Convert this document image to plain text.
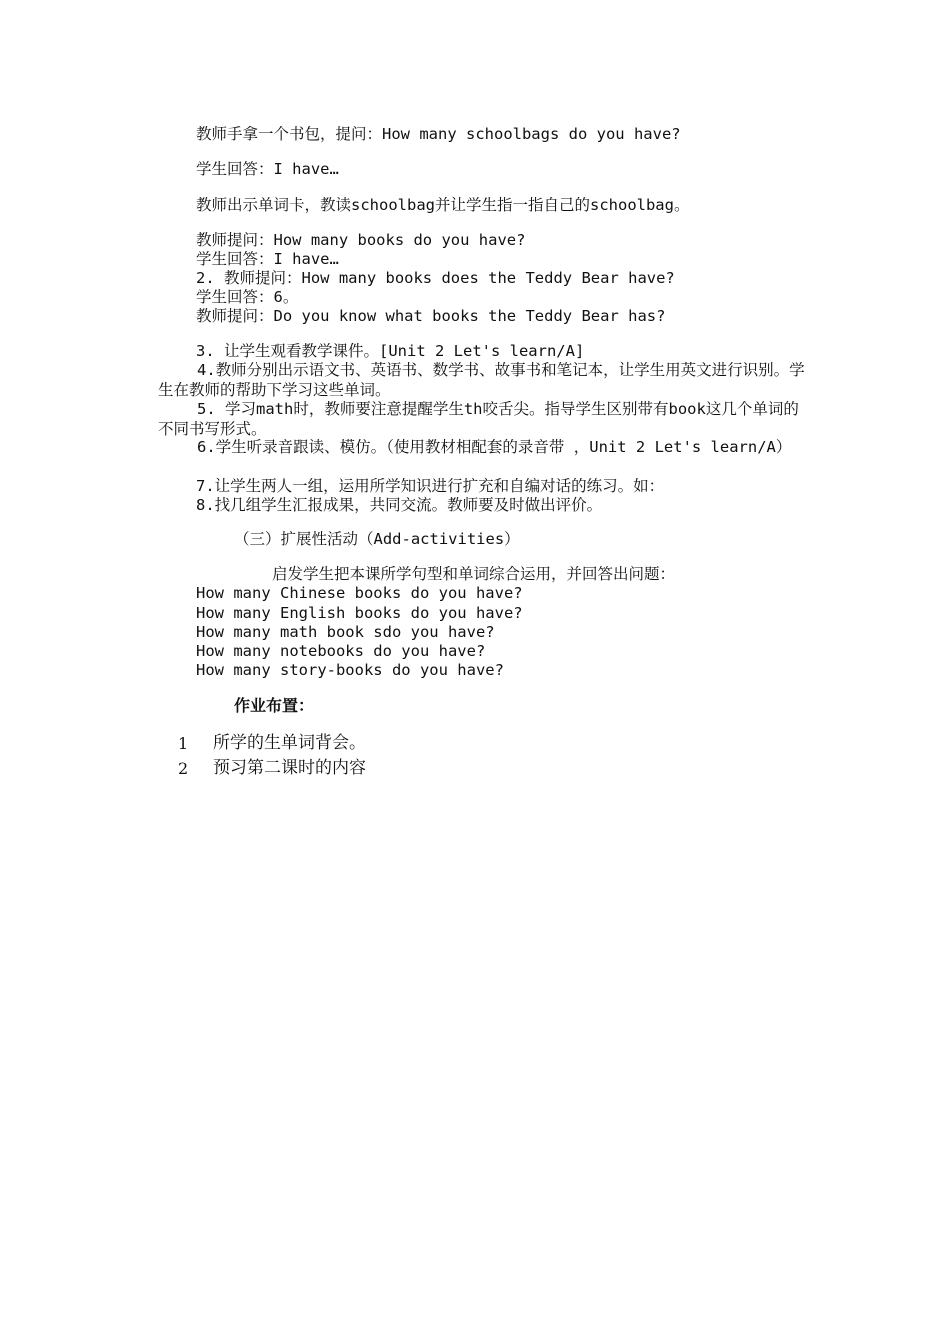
教师手拿一个书包，提问：How many schoolbags do you have?
学生回答：I have…
教师出示单词卡，教读schoolbag并让学生指一指自己的schoolbag。
教师提问：How many books do you have?
学生回答：I have…
2. 教师提问：How many books does the Teddy Bear have?
学生回答：6。
教师提问：Do you know what books the Teddy Bear has?
3. 让学生观看教学课件。[Unit 2 Let's learn/A]
4.教师分别出示语文书、英语书、数学书、故事书和笔记本，让学生用英文进行识别。学生在教师的帮助下学习这些单词。
5. 学习math时，教师要注意提醒学生th咬舌尖。指导学生区别带有book这几个单词的不同书写形式。
6.学生听录音跟读、模仿。（使用教材相配套的录音带 ，Unit 2 Let's learn/A）
7.让学生两人一组，运用所学知识进行扩充和自编对话的练习。如：
8.找几组学生汇报成果，共同交流。教师要及时做出评价。
（三）扩展性活动（Add-activities）
启发学生把本课所学句型和单词综合运用，并回答出问题：
How many Chinese books do you have?
How many English books do you have?
How many math book sdo you have?
How many notebooks do you have?
How many story-books do you have?
作业布置：
1 所学的生单词背会。
2 预习第二课时的内容
